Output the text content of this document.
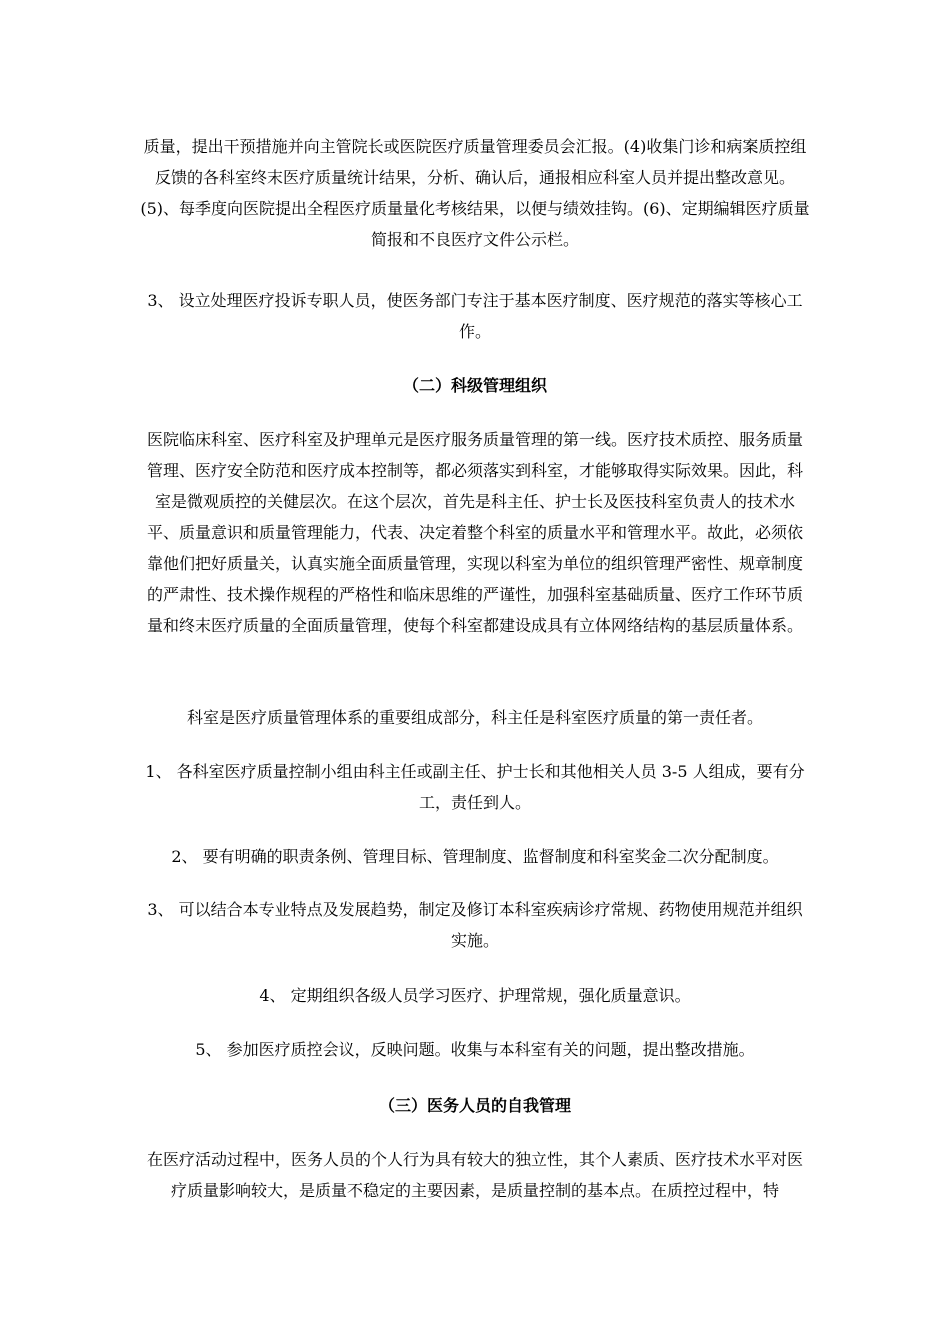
质量，提出干预措施并向主管院长或医院医疗质量管理委员会汇报。(4)收集门诊和病案质控组反馈的各科室终末医疗质量统计结果，分析、确认后，通报相应科室人员并提出整改意见。(5)、每季度向医院提出全程医疗质量量化考核结果，以便与绩效挂钩。(6)、定期编辑医疗质量简报和不良医疗文件公示栏。

3、 设立处理医疗投诉专职人员，使医务部门专注于基本医疗制度、医疗规范的落实等核心工作。

（二）科级管理组织

医院临床科室、医疗科室及护理单元是医疗服务质量管理的第一线。医疗技术质控、服务质量管理、医疗安全防范和医疗成本控制等，都必须落实到科室，才能够取得实际效果。因此，科室是微观质控的关健层次。在这个层次，首先是科主任、护士长及医技科室负责人的技术水平、质量意识和质量管理能力，代表、决定着整个科室的质量水平和管理水平。故此，必须依靠他们把好质量关，认真实施全面质量管理，实现以科室为单位的组织管理严密性、规章制度的严肃性、技术操作规程的严格性和临床思维的严谨性，加强科室基础质量、医疗工作环节质量和终末医疗质量的全面质量管理，使每个科室都建设成具有立体网络结构的基层质量体系。

科室是医疗质量管理体系的重要组成部分，科主任是科室医疗质量的第一责任者。

1、 各科室医疗质量控制小组由科主任或副主任、护士长和其他相关人员 3-5 人组成，要有分工，责任到人。

2、 要有明确的职责条例、管理目标、管理制度、监督制度和科室奖金二次分配制度。

3、 可以结合本专业特点及发展趋势，制定及修订本科室疾病诊疗常规、药物使用规范并组织实施。

4、 定期组织各级人员学习医疗、护理常规，强化质量意识。

5、 参加医疗质控会议，反映问题。收集与本科室有关的问题，提出整改措施。

（三）医务人员的自我管理

在医疗活动过程中，医务人员的个人行为具有较大的独立性，其个人素质、医疗技术水平对医疗质量影响较大，是质量不稳定的主要因素，是质量控制的基本点。在质控过程中，特
